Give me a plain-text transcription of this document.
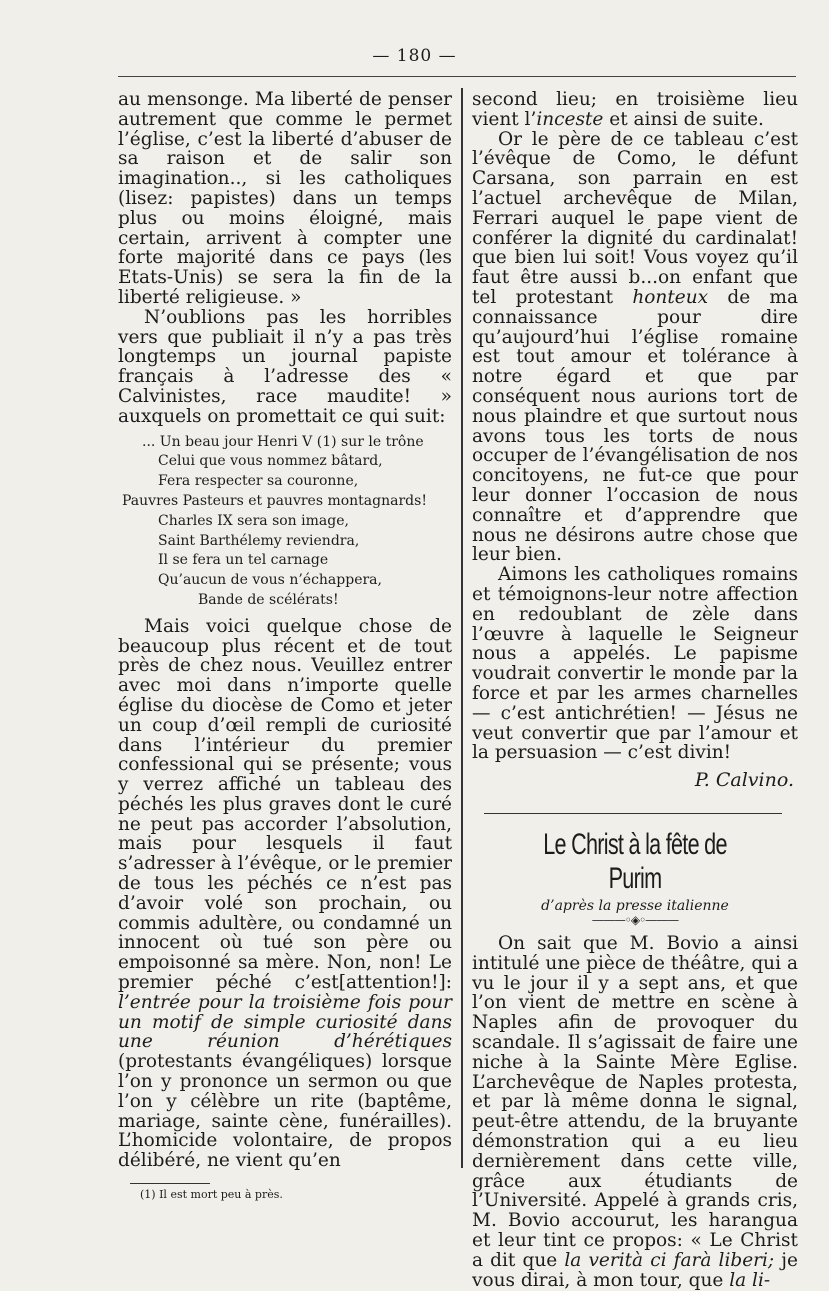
— 180 —

au mensonge. Ma liberté de penser autrement que comme le permet l’église, c’est la liberté d’abuser de sa raison et de salir son imagination.., si les catholiques (lisez: papistes) dans un temps plus ou moins éloigné, mais certain, arrivent à compter une forte majorité dans ce pays (les Etats-Unis) se sera la fin de la liberté religieuse. »

N’oublions pas les horribles vers que publiait il n’y a pas très longtemps un journal papiste français à l’adresse des « Calvinistes, race maudite! » auxquels on promettait ce qui suit:

... Un beau jour Henri V (1) sur le trône
Celui que vous nommez bâtard,
Fera respecter sa couronne,
Pauvres Pasteurs et pauvres montagnards!
Charles IX sera son image,
Saint Barthélemy reviendra,
Il se fera un tel carnage
Qu’aucun de vous n’échappera,
Bande de scélérats!

Mais voici quelque chose de beaucoup plus récent et de tout près de chez nous. Veuillez entrer avec moi dans n’importe quelle église du diocèse de Como et jeter un coup d’œil rempli de curiosité dans l’intérieur du premier confessional qui se présente; vous y verrez affiché un tableau des péchés les plus graves dont le curé ne peut pas accorder l’absolution, mais pour lesquels il faut s’adresser à l’évêque, or le premier de tous les péchés ce n’est pas d’avoir volé son prochain, ou commis adultère, ou condamné un innocent où tué son père ou empoisonné sa mère. Non, non! Le premier péché c’est[attention!]: l’entrée pour la troisième fois pour un motif de simple curiosité dans une réunion d’hérétiques (protestants évangéliques) lorsque l’on y prononce un sermon ou que l’on y célèbre un rite (baptême, mariage, sainte cène, funérailles). L’homicide volontaire, de propos délibéré, ne vient qu’en

(1) Il est mort peu à près.

second lieu; en troisième lieu vient l’inceste et ainsi de suite.

Or le père de ce tableau c’est l’évêque de Como, le défunt Carsana, son parrain en est l’actuel archevêque de Milan, Ferrari auquel le pape vient de conférer la dignité du cardinalat! que bien lui soit! Vous voyez qu’il faut être aussi b...on enfant que tel protestant honteux de ma connaissance pour dire qu’aujourd’hui l’église romaine est tout amour et tolérance à notre égard et que par conséquent nous aurions tort de nous plaindre et que surtout nous avons tous les torts de nous occuper de l’évangélisation de nos concitoyens, ne fut-ce que pour leur donner l’occasion de nous connaître et d’apprendre que nous ne désirons autre chose que leur bien.

Aimons les catholiques romains et témoignons-leur notre affection en redoublant de zèle dans l’œuvre à laquelle le Seigneur nous a appelés. Le papisme voudrait convertir le monde par la force et par les armes charnelles — c’est antichrétien! — Jésus ne veut convertir que par l’amour et la persuasion — c’est divin!

P. Calvino.
Le Christ à la fête de Purim
d’après la presse italienne
———◦◈◦———

On sait que M. Bovio a ainsi intitulé une pièce de théâtre, qui a vu le jour il y a sept ans, et que l’on vient de mettre en scène à Naples afin de provoquer du scandale. Il s’agissait de faire une niche à la Sainte Mère Eglise. L’archevêque de Naples protesta, et par là même donna le signal, peut-être attendu, de la bruyante démonstration qui a eu lieu dernièrement dans cette ville, grâce aux étudiants de l’Université. Appelé à grands cris, M. Bovio accourut, les harangua et leur tint ce propos: « Le Christ a dit que la verità ci farà liberi; je vous dirai, à mon tour, que la li-
